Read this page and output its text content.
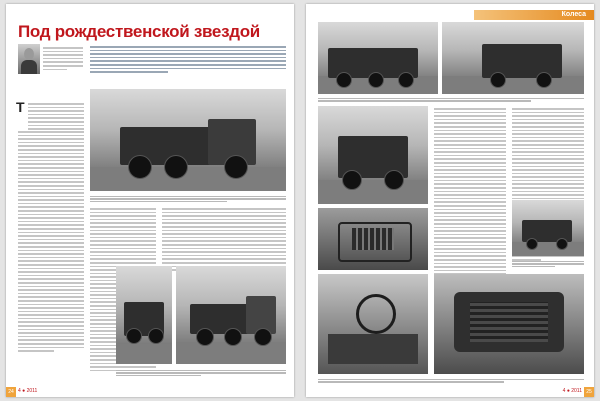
Под рождественской звездой
Т
4 ● 2011
24
Колеса
4 ● 2011 25
